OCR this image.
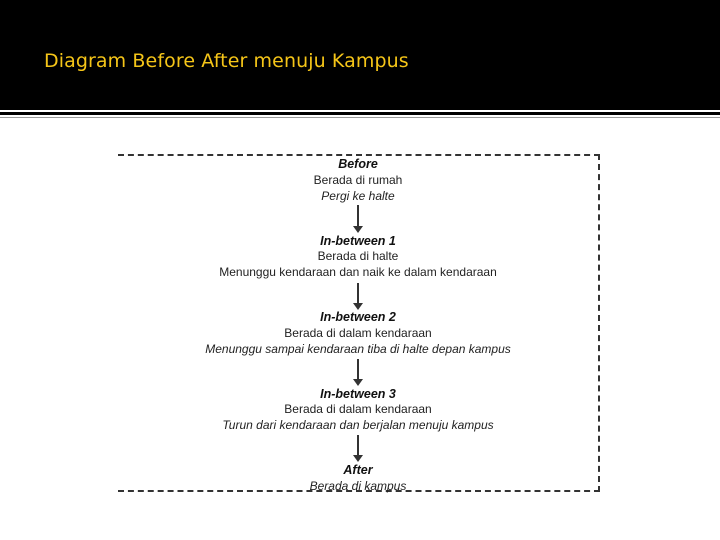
Diagram Before After menuju Kampus
Before
Berada di rumah
Pergi ke halte
In-between 1
Berada di halte
Menunggu kendaraan dan naik ke dalam kendaraan
In-between 2
Berada di dalam kendaraan
Menunggu sampai kendaraan tiba di halte depan kampus
In-between 3
Berada di dalam kendaraan
Turun dari kendaraan dan berjalan menuju kampus
After
Berada di kampus
